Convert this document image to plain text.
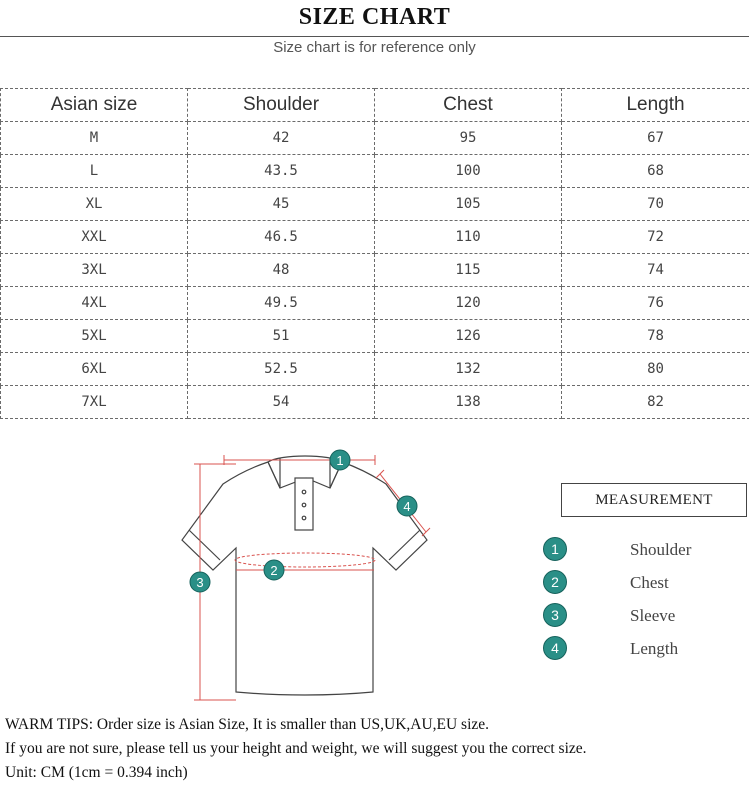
SIZE CHART
Size chart is for reference only
Asian size	Shoulder	Chest	Length
M	42	95	67
L	43.5	100	68
XL	45	105	70
XXL	46.5	110	72
3XL	48	115	74
4XL	49.5	120	76
5XL	51	126	78
6XL	52.5	132	80
7XL	54	138	82
1
2
3
4	MEASUREMENT
1	Shoulder
2	Chest
3	Sleeve
4	Length
WARM TIPS: Order size is Asian Size, It is smaller than US,UK,AU,EU size.
If you are not sure, please tell us your height and weight, we will suggest you the correct size.
Unit: CM (1cm = 0.394 inch)
